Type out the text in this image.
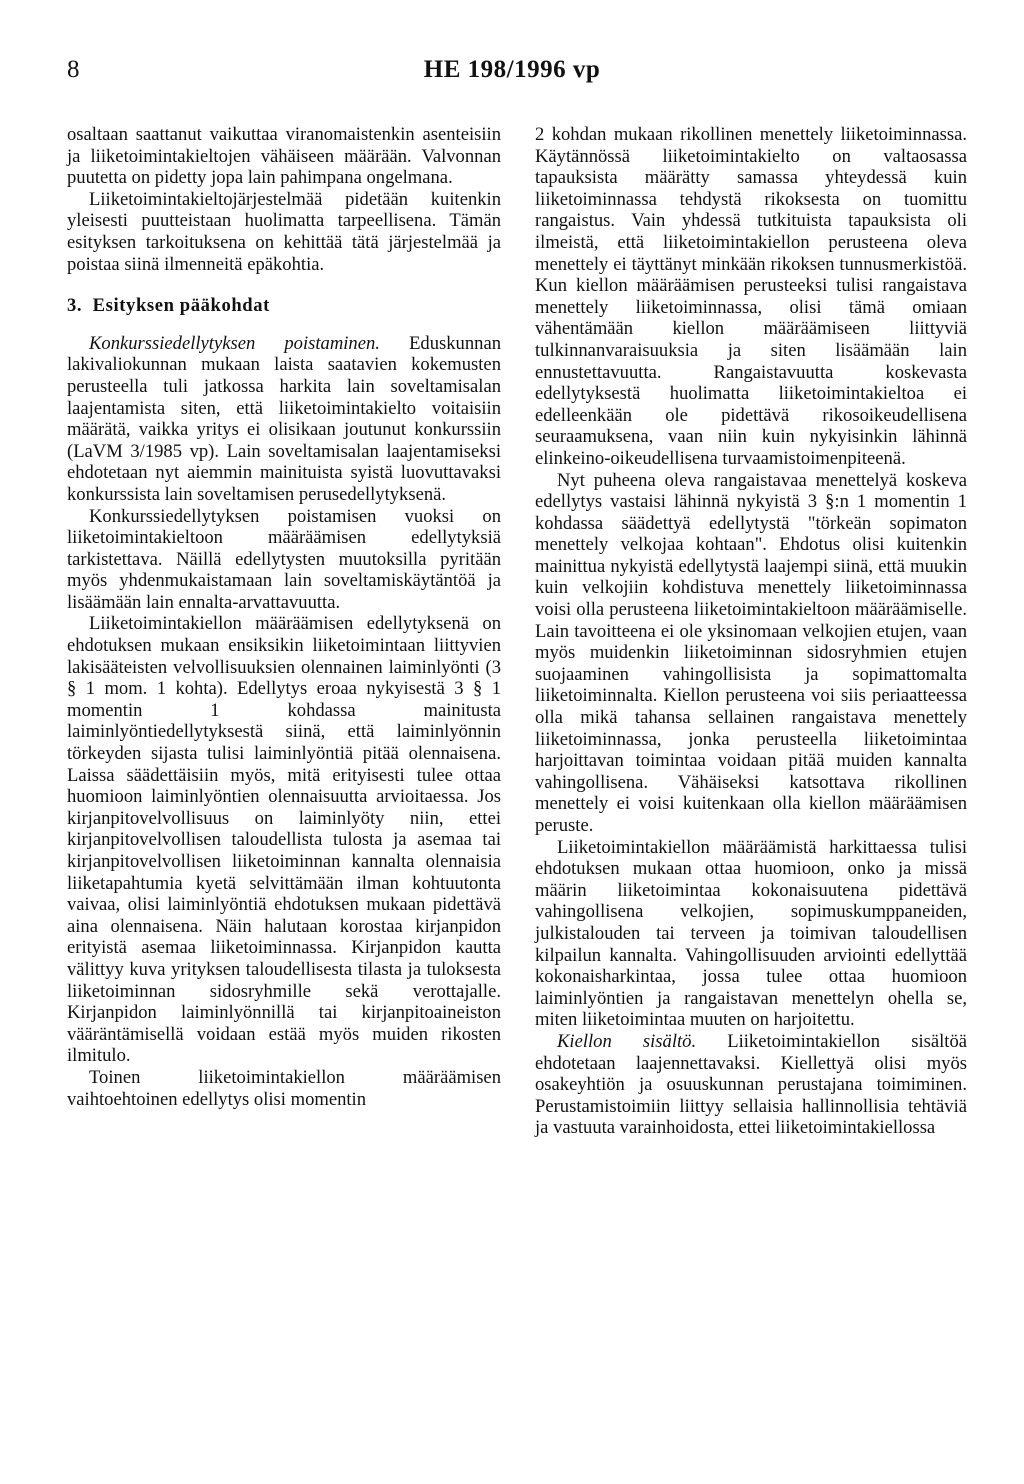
8	HE 198/1996 vp

osaltaan saattanut vaikuttaa viranomaistenkin asenteisiin ja liiketoimintakieltojen vähäiseen määrään. Valvonnan puutetta on pidetty jopa lain pahimpana ongelmana.

Liiketoimintakieltojärjestelmää pidetään kuitenkin yleisesti puutteistaan huolimatta tarpeellisena. Tämän esityksen tarkoituksena on kehittää tätä järjestelmää ja poistaa siinä ilmenneitä epäkohtia.

3. Esityksen pääkohdat

Konkurssiedellytyksen poistaminen. Eduskunnan lakivaliokunnan mukaan laista saatavien kokemusten perusteella tuli jatkossa harkita lain soveltamisalan laajentamista siten, että liiketoimintakielto voitaisiin määrätä, vaikka yritys ei olisikaan joutunut konkurssiin (LaVM 3/1985 vp). Lain soveltamisalan laajentamiseksi ehdotetaan nyt aiemmin mainituista syistä luovuttavaksi konkurssista lain soveltamisen perusedellytyksenä.

Konkurssiedellytyksen poistamisen vuoksi on liiketoimintakieltoon määräämisen edellytyksiä tarkistettava. Näillä edellytysten muutoksilla pyritään myös yhdenmukaistamaan lain soveltamiskäytäntöä ja lisäämään lain ennalta-arvattavuutta.

Liiketoimintakiellon määräämisen edellytyksenä on ehdotuksen mukaan ensiksikin liiketoimintaan liittyvien lakisääteisten velvollisuuksien olennainen laiminlyönti (3 § 1 mom. 1 kohta). Edellytys eroaa nykyisestä 3 § 1 momentin 1 kohdassa mainitusta laiminlyöntiedellytyksestä siinä, että laiminlyönnin törkeyden sijasta tulisi laiminlyöntiä pitää olennaisena. Laissa säädettäisiin myös, mitä erityisesti tulee ottaa huomioon laiminlyöntien olennaisuutta arvioitaessa. Jos kirjanpitovelvollisuus on laiminlyöty niin, ettei kirjanpitovelvollisen taloudellista tulosta ja asemaa tai kirjanpitovelvollisen liiketoiminnan kannalta olennaisia liiketapahtumia kyetä selvittämään ilman kohtuutonta vaivaa, olisi laiminlyöntiä ehdotuksen mukaan pidettävä aina olennaisena. Näin halutaan korostaa kirjanpidon erityistä asemaa liiketoiminnassa. Kirjanpidon kautta välittyy kuva yrityksen taloudellisesta tilasta ja tuloksesta liiketoiminnan sidosryhmille sekä verottajalle. Kirjanpidon laiminlyönnillä tai kirjanpitoaineiston vääräntämisellä voidaan estää myös muiden rikosten ilmitulo.

Toinen liiketoimintakiellon määräämisen vaihtoehtoinen edellytys olisi momentin

2 kohdan mukaan rikollinen menettely liiketoiminnassa. Käytännössä liiketoimintakielto on valtaosassa tapauksista määrätty samassa yhteydessä kuin liiketoiminnassa tehdystä rikoksesta on tuomittu rangaistus. Vain yhdessä tutkituista tapauksista oli ilmeistä, että liiketoimintakiellon perusteena oleva menettely ei täyttänyt minkään rikoksen tunnusmerkistöä. Kun kiellon määräämisen perusteeksi tulisi rangaistava menettely liiketoiminnassa, olisi tämä omiaan vähentämään kiellon määräämiseen liittyviä tulkinnanvaraisuuksia ja siten lisäämään lain ennustettavuutta. Rangaistavuutta koskevasta edellytyksestä huolimatta liiketoimintakieltoa ei edelleenkään ole pidettävä rikosoikeudellisena seuraamuksena, vaan niin kuin nykyisinkin lähinnä elinkeino-oikeudellisena turvaamistoimenpiteenä.

Nyt puheena oleva rangaistavaa menettelyä koskeva edellytys vastaisi lähinnä nykyistä 3 §:n 1 momentin 1 kohdassa säädettyä edellytystä "törkeän sopimaton menettely velkojaa kohtaan". Ehdotus olisi kuitenkin mainittua nykyistä edellytystä laajempi siinä, että muukin kuin velkojiin kohdistuva menettely liiketoiminnassa voisi olla perusteena liiketoimintakieltoon määräämiselle. Lain tavoitteena ei ole yksinomaan velkojien etujen, vaan myös muidenkin liiketoiminnan sidosryhmien etujen suojaaminen vahingollisista ja sopimattomalta liiketoiminnalta. Kiellon perusteena voi siis periaatteessa olla mikä tahansa sellainen rangaistava menettely liiketoiminnassa, jonka perusteella liiketoimintaa harjoittavan toimintaa voidaan pitää muiden kannalta vahingollisena. Vähäiseksi katsottava rikollinen menettely ei voisi kuitenkaan olla kiellon määräämisen peruste.

Liiketoimintakiellon määräämistä harkittaessa tulisi ehdotuksen mukaan ottaa huomioon, onko ja missä määrin liiketoimintaa kokonaisuutena pidettävä vahingollisena velkojien, sopimuskumppaneiden, julkistalouden tai terveen ja toimivan taloudellisen kilpailun kannalta. Vahingollisuuden arviointi edellyttää kokonaisharkintaa, jossa tulee ottaa huomioon laiminlyöntien ja rangaistavan menettelyn ohella se, miten liiketoimintaa muuten on harjoitettu.

Kiellon sisältö. Liiketoimintakiellon sisältöä ehdotetaan laajennettavaksi. Kiellettyä olisi myös osakeyhtiön ja osuuskunnan perustajana toimiminen. Perustamistoimiin liittyy sellaisia hallinnollisia tehtäviä ja vastuuta varainhoidosta, ettei liiketoimintakiellossa
